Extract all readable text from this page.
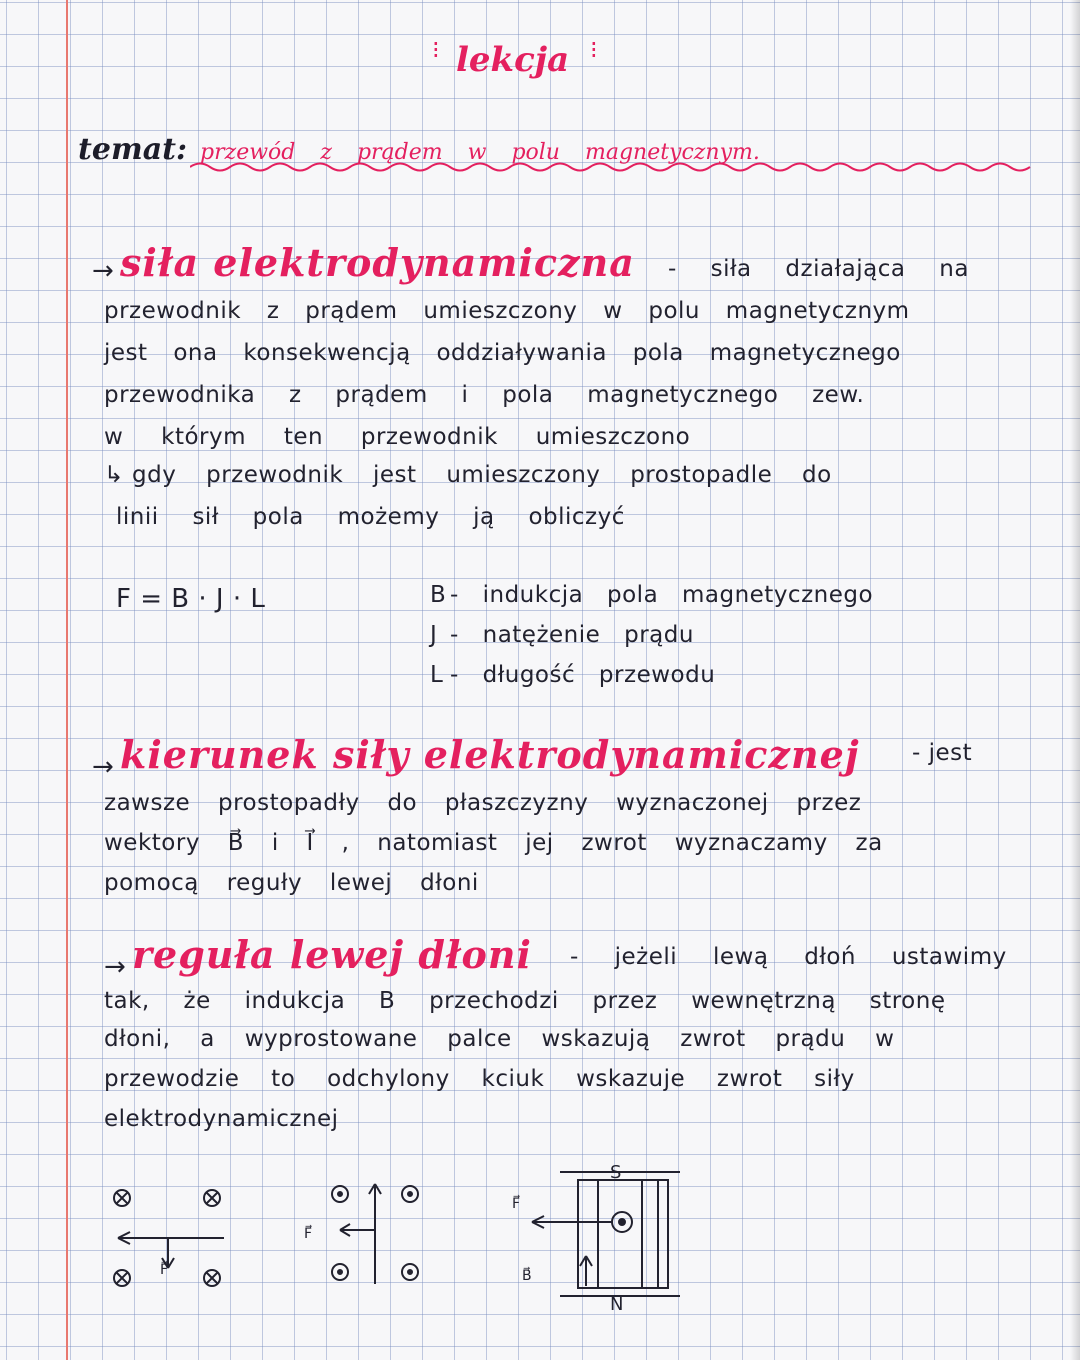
⁝ lekcja ⁝
temat: przewód z prądem w polu magnetycznym.
→ siła elektrodynamiczna - siła działająca na
przewodnik z prądem umieszczony w polu magnetycznym
jest ona konsekwencją oddziaływania pola magnetycznego
przewodnika z prądem i pola magnetycznego zew.
w którym ten przewodnik umieszczono
↳ gdy przewodnik jest umieszczony prostopadle do
linii sił pola możemy ją obliczyć
F = B · J · L	B - indukcja pola magnetycznego
J - natężenie prądu
L - długość przewodu
→ kierunek siły elektrodynamicznej - jest
zawsze prostopadły do płaszczyzny wyznaczonej przez
wektory B⃗ i I⃗ , natomiast jej zwrot wyznaczamy za
pomocą reguły lewej dłoni
→ reguła lewej dłoni - jeżeli lewą dłoń ustawimy
tak, że indukcja B przechodzi przez wewnętrzną stronę
dłoni, a wyprostowane palce wskazują zwrot prądu w
przewodzie to odchylony kciuk wskazuje zwrot siły
elektrodynamicznej
F⃗
F⃗
S
N
F⃗
B⃗
